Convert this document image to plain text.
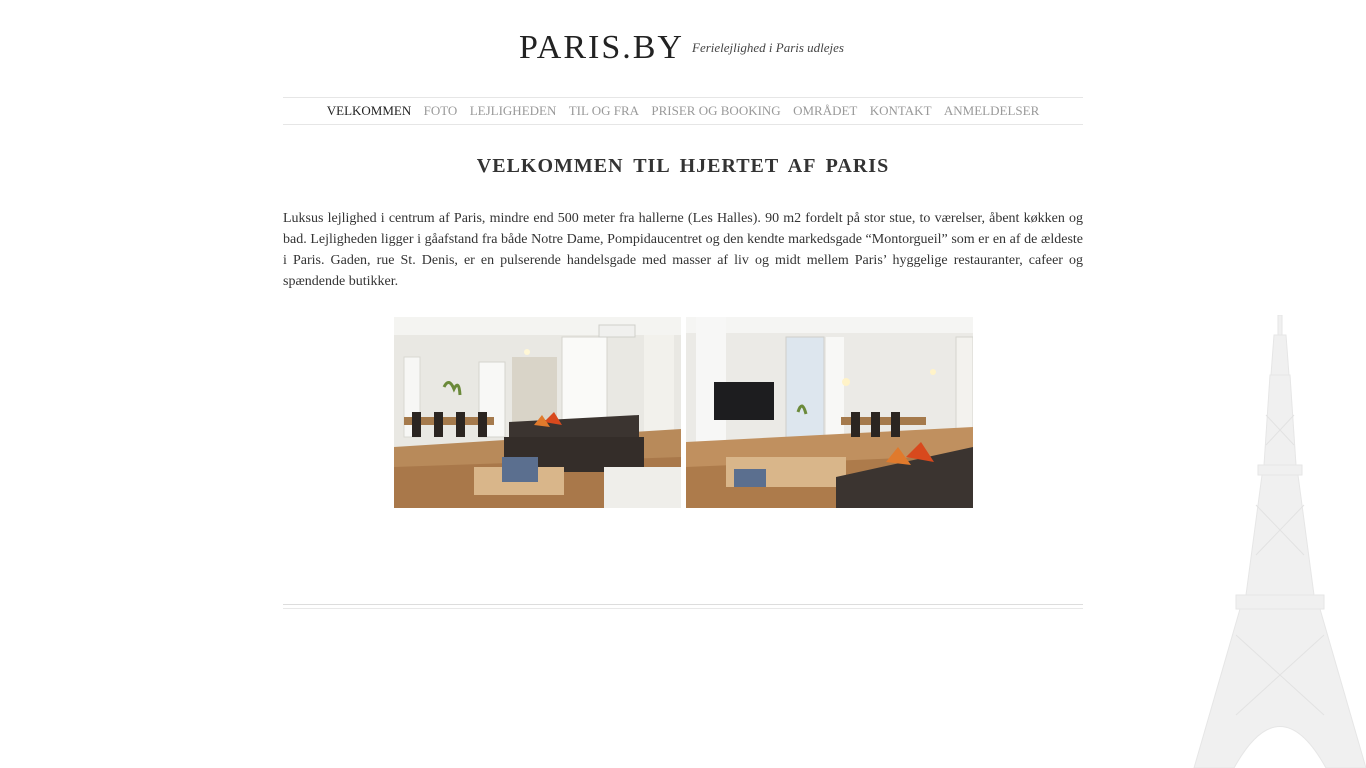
PARIS.BY Ferielejlighed i Paris udlejes
VELKOMMEN FOTO LEJLIGHEDEN TIL OG FRA PRISER OG BOOKING OMRÅDET KONTAKT ANMELDELSER
VELKOMMEN TIL HJERTET AF PARIS

Luksus lejlighed i centrum af Paris, mindre end 500 meter fra hallerne (Les Halles). 90 m2 fordelt på stor stue, to værelser, åbent køkken og bad. Lejligheden ligger i gåafstand fra både Notre Dame, Pompidaucentret og den kendte markedsgade “Montorgueil” som er en af de ældeste i Paris. Gaden, rue St. Denis, er en pulserende handelsgade med masser af liv og midt mellem Paris’ hyggelige restauranter, cafeer og spændende butikker.
